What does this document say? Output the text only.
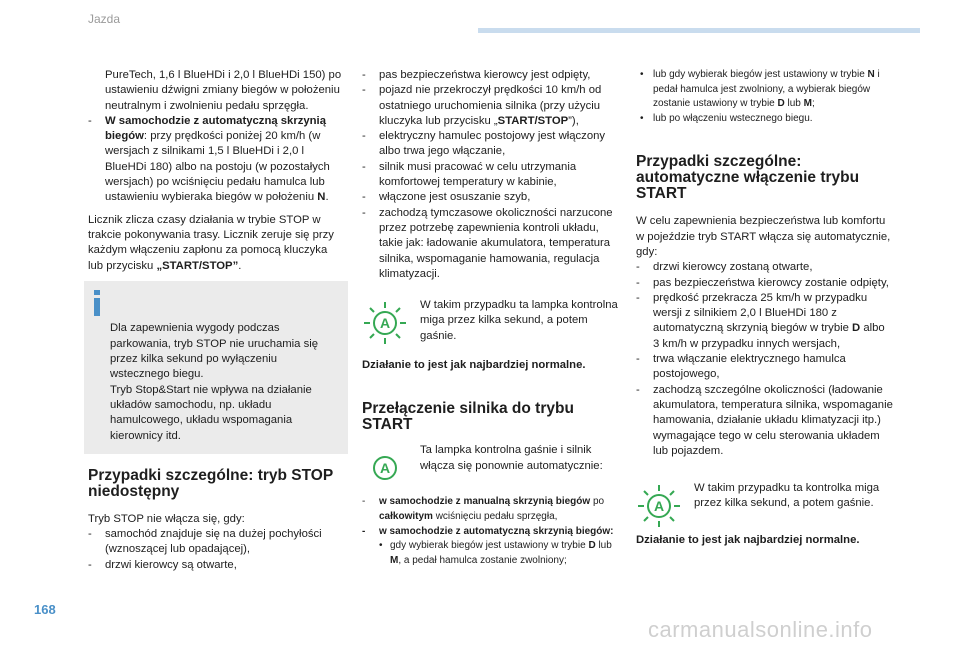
Jazda

PureTech, 1,6 l BlueHDi i 2,0 l BlueHDi 150) po ustawieniu dźwigni zmiany biegów w położeniu neutralnym i zwolnieniu pedału sprzęgła.

- W samochodzie z automatyczną skrzynią biegów: przy prędkości poniżej 20 km/h (w wersjach z silnikami 1,5 l BlueHDi i 2,0 l BlueHDi 180) albo na postoju (w pozostałych wersjach) po wciśnięciu pedału hamulca lub ustawieniu wybieraka biegów w położeniu N.

Licznik zlicza czasy działania w trybie STOP w trakcie pokonywania trasy. Licznik zeruje się przy każdym włączeniu zapłonu za pomocą kluczyka lub przycisku „START/STOP”.

Dla zapewnienia wygody podczas parkowania, tryb STOP nie uruchamia się przez kilka sekund po wyłączeniu wstecznego biegu.
Tryb Stop&Start nie wpływa na działanie układów samochodu, np. układu hamulcowego, układu wspomagania kierownicy itd.

Przypadki szczególne: tryb STOP niedostępny

Tryb STOP nie włącza się, gdy:

- samochód znajduje się na dużej pochyłości (wznoszącej lub opadającej),

- drzwi kierowcy są otwarte,

- pas bezpieczeństwa kierowcy jest odpięty,

- pojazd nie przekroczył prędkości 10 km/h od ostatniego uruchomienia silnika (przy użyciu kluczyka lub przycisku „START/STOP”),

- elektryczny hamulec postojowy jest włączony albo trwa jego włączanie,

- silnik musi pracować w celu utrzymania komfortowej temperatury w kabinie,

- włączone jest osuszanie szyb,

- zachodzą tymczasowe okoliczności narzucone przez potrzebę zapewnienia kontroli układu, takie jak: ładowanie akumulatora, temperatura silnika, wspomaganie hamowania, regulacja klimatyzacji.

A
W takim przypadku ta lampka kontrolna miga przez kilka sekund, a potem gaśnie.

Działanie to jest jak najbardziej normalne.

Przełączenie silnika do trybu START
A
Ta lampka kontrolna gaśnie i silnik włącza się ponownie automatycznie:

- w samochodzie z manualną skrzynią biegów po całkowitym wciśnięciu pedału sprzęgła,

- w samochodzie z automatyczną skrzynią biegów:

• gdy wybierak biegów jest ustawiony w trybie D lub M, a pedał hamulca zostanie zwolniony;

• lub gdy wybierak biegów jest ustawiony w trybie N i pedał hamulca jest zwolniony, a wybierak biegów zostanie ustawiony w trybie D lub M;

• lub po włączeniu wstecznego biegu.

Przypadki szczególne: automatyczne włączenie trybu START

W celu zapewnienia bezpieczeństwa lub komfortu w pojeździe tryb START włącza się automatycznie, gdy:

- drzwi kierowcy zostaną otwarte,

- pas bezpieczeństwa kierowcy zostanie odpięty,

- prędkość przekracza 25 km/h w przypadku wersji z silnikiem 2,0 l BlueHDi 180 z automatyczną skrzynią biegów w trybie D albo 3 km/h w przypadku innych wersjach,

- trwa włączanie elektrycznego hamulca postojowego,

- zachodzą szczególne okoliczności (ładowanie akumulatora, temperatura silnika, wspomaganie hamowania, działanie układu klimatyzacji itp.) wymagające tego w celu sterowania układem lub pojazdem.

A
W takim przypadku ta kontrolka miga przez kilka sekund, a potem gaśnie.

Działanie to jest jak najbardziej normalne.

168
carmanualsonline.info
